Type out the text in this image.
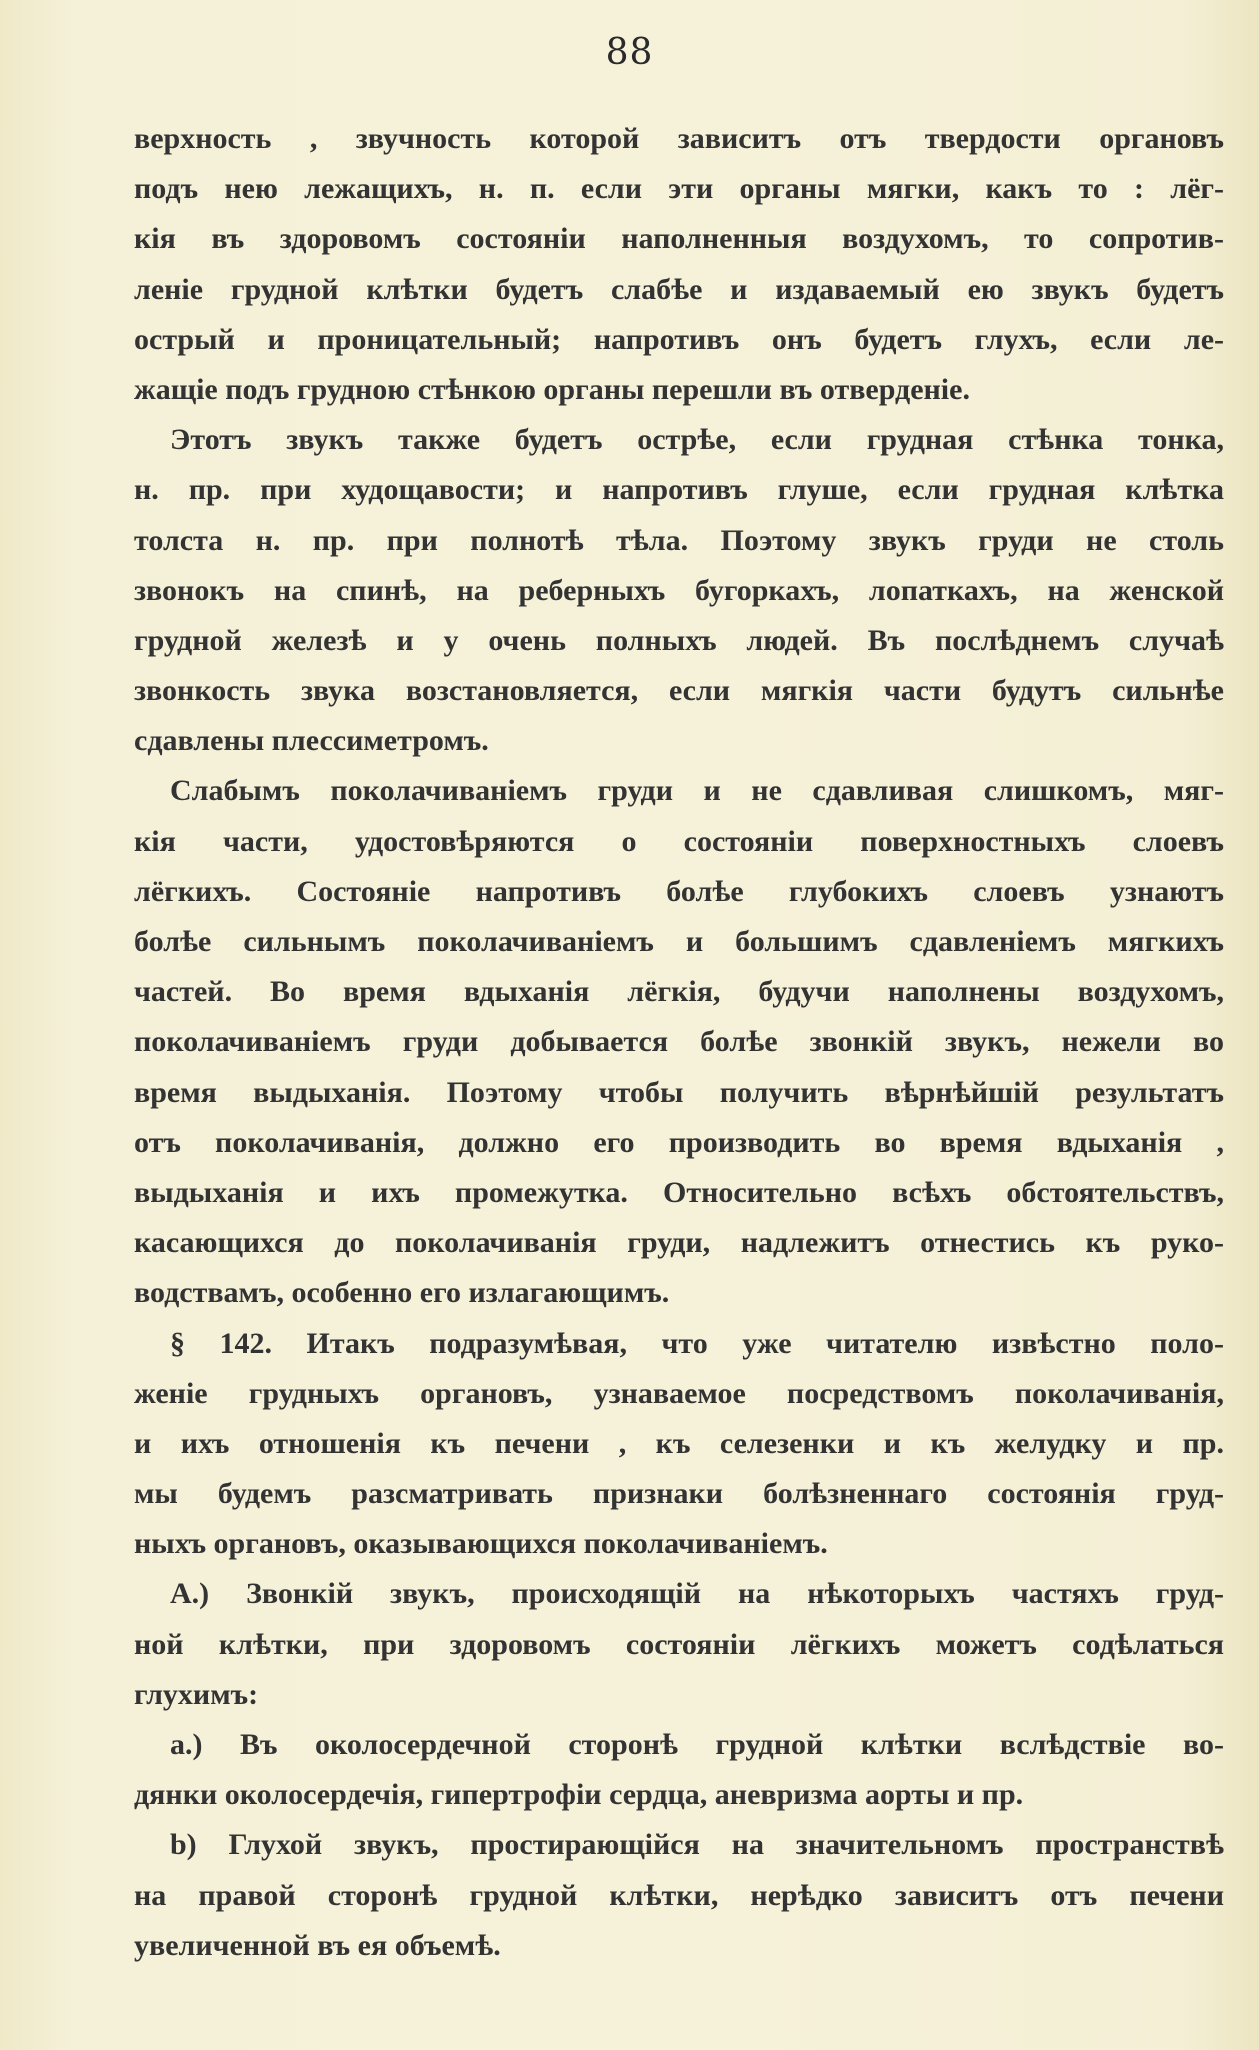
88
верхность , звучность которой зависитъ отъ твердости органовъ
подъ нею лежащихъ, н. п. если эти органы мягки, какъ то : лёг-
кія въ здоровомъ состояніи наполненныя воздухомъ, то сопротив-
леніе грудной клѣтки будетъ слабѣе и издаваемый ею звукъ будетъ
острый и проницательный; напротивъ онъ будетъ глухъ, если ле-
жащіе подъ грудною стѣнкою органы перешли въ отверденіе.
Этотъ звукъ также будетъ острѣе, если грудная стѣнка тонка,
н. пр. при худощавости; и напротивъ глуше, если грудная клѣтка
толста н. пр. при полнотѣ тѣла. Поэтому звукъ груди не столь
звонокъ на спинѣ, на реберныхъ бугоркахъ, лопаткахъ, на женской
грудной железѣ и у очень полныхъ людей. Въ послѣднемъ случаѣ
звонкость звука возстановляется, если мягкія части будутъ сильнѣе
сдавлены плессиметромъ.
Слабымъ поколачиваніемъ груди и не сдавливая слишкомъ, мяг-
кія части, удостовѣряются о состояніи поверхностныхъ слоевъ
лёгкихъ. Состояніе напротивъ болѣе глубокихъ слоевъ узнаютъ
болѣе сильнымъ поколачиваніемъ и большимъ сдавленіемъ мягкихъ
частей. Во время вдыханія лёгкія, будучи наполнены воздухомъ,
поколачиваніемъ груди добывается болѣе звонкій звукъ, нежели во
время выдыханія. Поэтому чтобы получить вѣрнѣйшій результатъ
отъ поколачиванія, должно его производить во время вдыханія ,
выдыханія и ихъ промежутка. Относительно всѣхъ обстоятельствъ,
касающихся до поколачиванія груди, надлежитъ отнестись къ руко-
водствамъ, особенно его излагающимъ.
§ 142. Итакъ подразумѣвая, что уже читателю извѣстно поло-
женіе грудныхъ органовъ, узнаваемое посредствомъ поколачиванія,
и ихъ отношенія къ печени , къ селезенки и къ желудку и пр.
мы будемъ разсматривать признаки болѣзненнаго состоянія груд-
ныхъ органовъ, оказывающихся поколачиваніемъ.
А.) Звонкій звукъ, происходящій на нѣкоторыхъ частяхъ груд-
ной клѣтки, при здоровомъ состояніи лёгкихъ можетъ содѣлаться
глухимъ:
а.) Въ околосердечной сторонѣ грудной клѣтки вслѣдствіе во-
дянки околосердечія, гипертрофіи сердца, аневризма аорты и пр.
b) Глухой звукъ, простирающійся на значительномъ пространствѣ
на правой сторонѣ грудной клѣтки, нерѣдко зависитъ отъ печени
увеличенной въ ея объемѣ.
